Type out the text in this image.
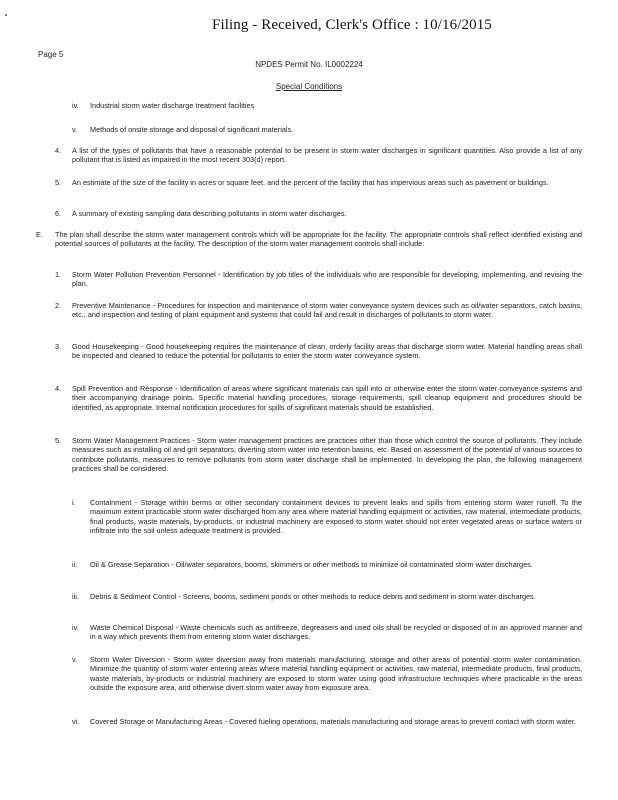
Filing - Received, Clerk's Office : 10/16/2015
Page 5
NPDES Permit No. IL0002224
Special Conditions
iv. Industrial storm water discharge treatment facilities
v. Methods of onsite storage and disposal of significant materials.
4. A list of the types of pollutants that have a reasonable potential to be present in storm water discharges in significant quantities. Also provide a list of any pollutant that is listed as impaired in the most recent 303(d) report.
5. An estimate of the size of the facility in acres or square feet, and the percent of the facility that has impervious areas such as pavement or buildings.
6. A summary of existing sampling data describing pollutants in storm water discharges.
E. The plan shall describe the storm water management controls which will be appropriate for the facility. The appropriate controls shall reflect identified existing and potential sources of pollutants at the facility. The description of the storm water management controls shall include:
1. Storm Water Pollution Prevention Personnel - Identification by job titles of the individuals who are responsible for developing, implementing, and revising the plan.
2. Preventive Maintenance - Procedures for inspection and maintenance of storm water conveyance system devices such as oil/water separators, catch basins, etc., and inspection and testing of plant equipment and systems that could fail and result in discharges of pollutants to storm water.
3. Good Housekeeping - Good housekeeping requires the maintenance of clean, orderly facility areas that discharge storm water. Material handling areas shall be inspected and cleaned to reduce the potential for pollutants to enter the storm water conveyance system.
4. Spill Prevention and Response - Identification of areas where significant materials can spill into or otherwise enter the storm water conveyance systems and their accompanying drainage points. Specific material handling procedures, storage requirements, spill cleanup equipment and procedures should be identified, as appropriate. Internal notification procedures for spills of significant materials should be established.
5. Storm Water Management Practices - Storm water management practices are practices other than those which control the source of pollutants. They include measures such as installing oil and grit separators, diverting storm water into retention basins, etc. Based on assessment of the potential of various sources to contribute pollutants, measures to remove pollutants from storm water discharge shall be implemented. In developing the plan, the following management practices shall be considered:
i. Containment - Storage within berms or other secondary containment devices to prevent leaks and spills from entering storm water runoff. To the maximum extent practicable storm water discharged from any area where material handling equipment or activities, raw material, intermediate products, final products, waste materials, by-products, or industrial machinery are exposed to storm water should not enter vegetated areas or surface waters or infiltrate into the soil unless adequate treatment is provided.
ii. Oil & Grease Separation - Oil/water separators, booms, skimmers or other methods to minimize oil contaminated storm water discharges.
iii. Debris & Sediment Control - Screens, booms, sediment ponds or other methods to reduce debris and sediment in storm water discharges.
iv. Waste Chemical Disposal - Waste chemicals such as antifreeze, degreasers and used oils shall be recycled or disposed of in an approved manner and in a way which prevents them from entering storm water discharges.
v. Storm Water Diversion - Storm water diversion away from materials manufacturing, storage and other areas of potential storm water contamination. Minimize the quantity of storm water entering areas where material handling equipment or activities, raw material, intermediate products, final products, waste materials, by-products or industrial machinery are exposed to storm water using good infrastructure techniques where practicable in the areas outside the exposure area, and otherwise divert storm water away from exposure area.
vi. Covered Storage or Manufacturing Areas - Covered fueling operations, materials manufacturing and storage areas to prevent contact with storm water.
